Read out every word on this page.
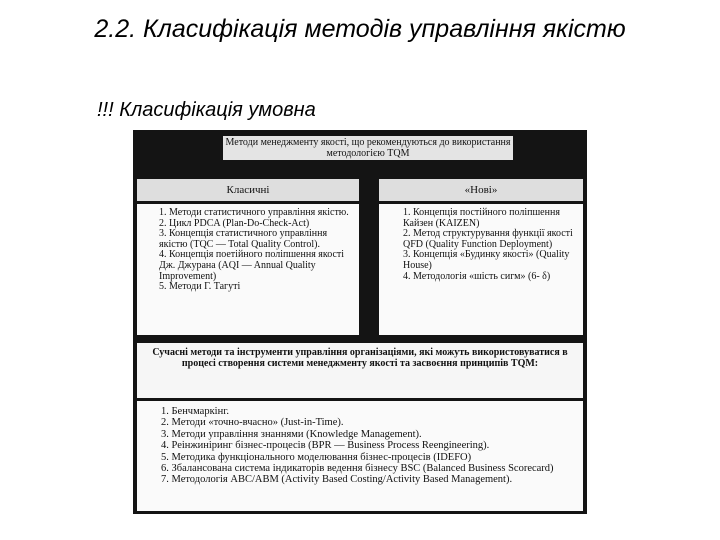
2.2. Класифікація методів управління якістю
!!! Класифікація умовна
Методи менеджменту якості, що рекомендуються до використання методологією TQM
Класичні	«Нові»

1. Методи статистичного управління якістю.

2. Цикл PDCA (Plan-Do-Check-Act)

3. Концепція статистичного управління якістю (TQC — Total Quality Control).

4. Концепція поетійного поліпшення якості Дж. Джурана (AQI — Annual Quality Improvement)

5. Методи Г. Тагуті

1. Концепція постійного поліпшення Кайзен (KAIZEN)

2. Метод структурування функції якості QFD (Quality Function Deployment)

3. Концепція «Будинку якості» (Quality House)

4. Методологія «шість сигм» (6- δ)

Сучасні методи та інструменти управління організаціями, які можуть використовуватися в процесі створення системи менеджменту якості та засвоєння принципів TQM:

1. Бенчмаркінг.

2. Методи «точно-вчасно» (Just-in-Time).

3. Методи управління знаннями (Knowledge Management).

4. Реінжиніринг бізнес-процесів (BPR — Business Process Reengineering).

5. Методика функціонального моделювання бізнес-процесів (IDEFO)

6. Збалансована система індикаторів ведення бізнесу BSC (Balanced Business Scorecard)

7. Методологія ABC/ABM (Activity Based Costing/Activity Based Management).
